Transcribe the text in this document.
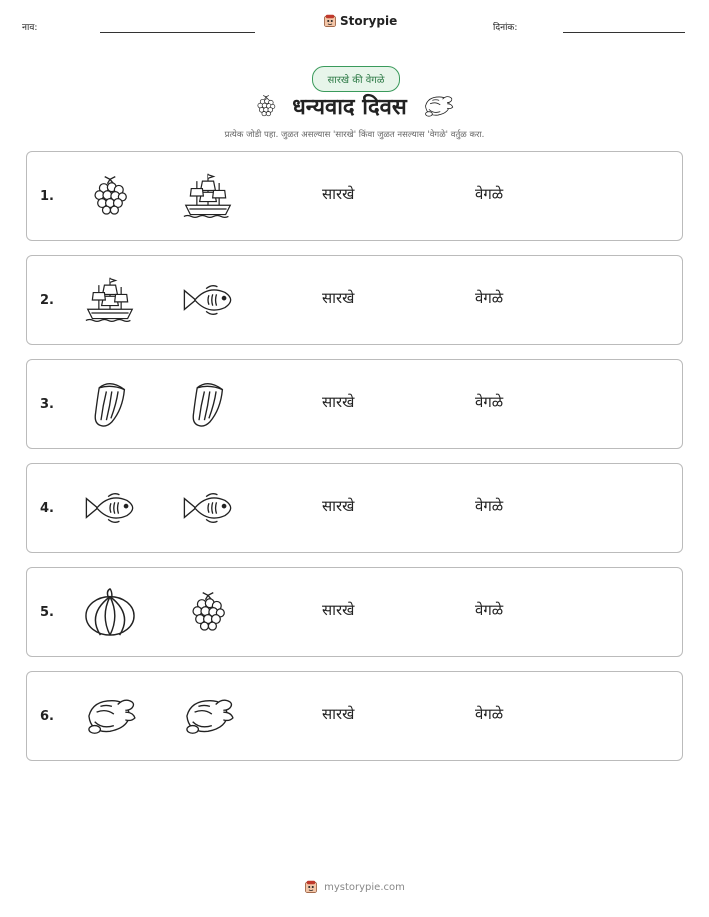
नाव:	Storypie	दिनांक:
सारखे की वेगळे
धन्यवाद दिवस
प्रत्येक जोडी पहा. जुळत असल्यास 'सारखे' किंवा जुळत नसल्यास 'वेगळे' वर्तुळ करा.
1.	सारखे	वेगळे
2.	सारखे	वेगळे
3.	सारखे	वेगळे
4.	सारखे	वेगळे
5.	सारखे	वेगळे
6.	सारखे	वेगळे
mystorypie.com
